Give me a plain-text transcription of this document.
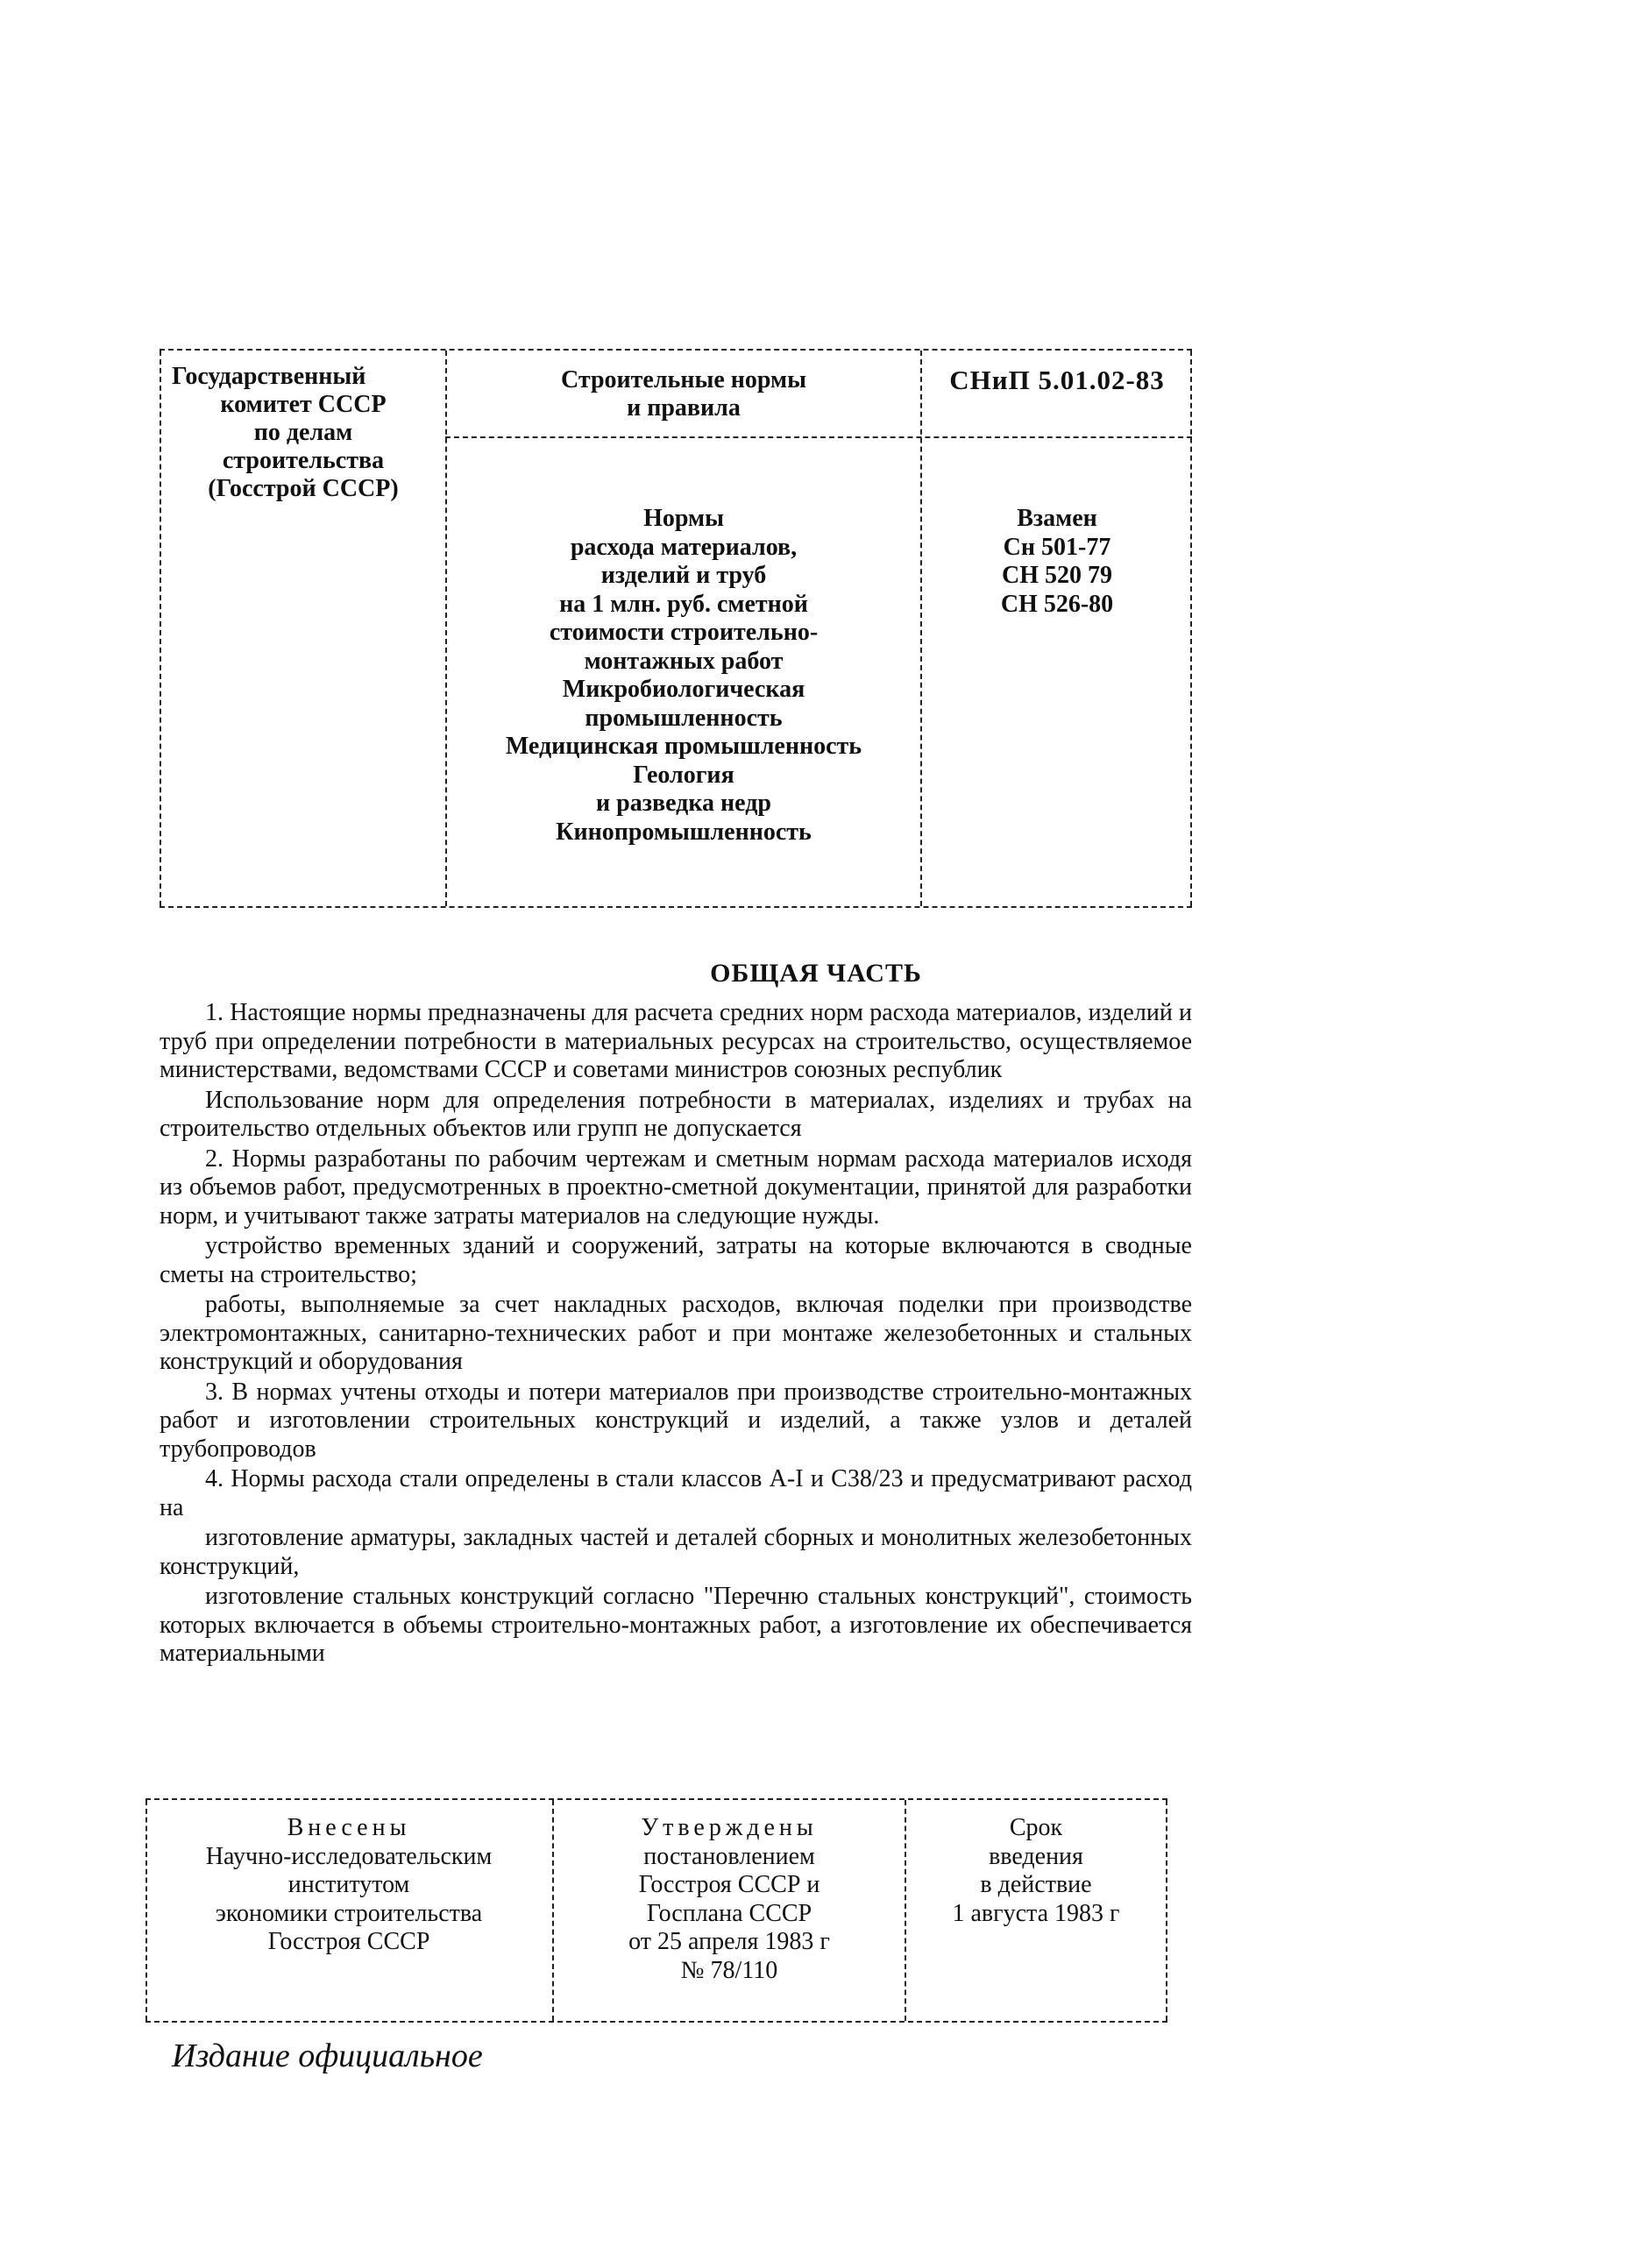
Государственный
комитет СССР
по делам
строительства
(Госстрой СССР)
Строительные нормы
и правила
СНиП 5.01.02-83
Нормы
расхода материалов,
изделий и труб
на 1 млн. руб. сметной
стоимости строительно-
монтажных работ
Микробиологическая
промышленность
Медицинская промышленность
Геология
и разведка недр
Кинопромышленность
Взамен
Сн 501-77
СН 520 79
СН 526-80
ОБЩАЯ ЧАСТЬ

1. Настоящие нормы предназначены для расчета средних норм расхода материалов, изделий и труб при определении потребности в материальных ресурсах на строительство, осуществляемое министерствами, ведомствами СССР и советами министров союзных республик

Использование норм для определения потребности в материалах, изделиях и трубах на строительство отдельных объектов или групп не допускается

2. Нормы разработаны по рабочим чертежам и сметным нормам расхода материалов исходя из объемов работ, предусмотренных в проектно-сметной документации, принятой для разработки норм, и учитывают также затраты материалов на следующие нужды.

устройство временных зданий и сооружений, затраты на которые включаются в сводные сметы на строительство;

работы, выполняемые за счет накладных расходов, включая поделки при производстве электромонтажных, санитарно-технических работ и при монтаже железобетонных и стальных конструкций и оборудования

3. В нормах учтены отходы и потери материалов при производстве строительно-монтажных работ и изготовлении строительных конструкций и изделий, а также узлов и деталей трубопроводов

4. Нормы расхода стали определены в стали классов А-I и С38/23 и предусматривают расход на

изготовление арматуры, закладных частей и деталей сборных и монолитных железобетонных конструкций,

изготовление стальных конструкций согласно "Перечню стальных конструкций", стоимость которых включается в объемы строительно-монтажных работ, а изготовление их обеспечивается материальными

Внесены
Научно-исследовательским
институтом
экономики строительства
Госстроя СССР
Утверждены
постановлением
Госстроя СССР и
Госплана СССР
от 25 апреля 1983 г
№ 78/110
Срок
введения
в действие
1 августа 1983 г
Издание официальное
